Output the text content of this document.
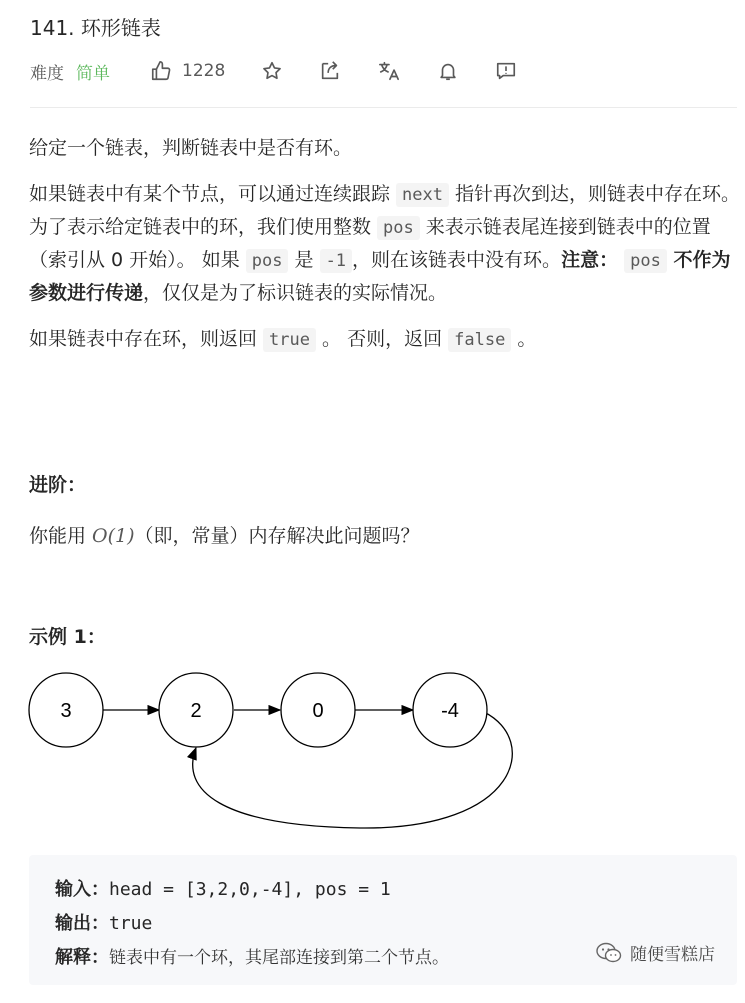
141. 环形链表
难度 简单	1228

给定一个链表，判断链表中是否有环。

如果链表中有某个节点，可以通过连续跟踪 next 指针再次到达，则链表中存在环。 为了表示给定链表中的环，我们使用整数 pos 来表示链表尾连接到链表中的位置（索引从 0 开始）。 如果 pos 是 -1 ，则在该链表中没有环。注意： pos 不作为参数进行传递，仅仅是为了标识链表的实际情况。

如果链表中存在环，则返回 true 。 否则，返回 false 。

进阶：

你能用 O(1)（即，常量）内存解决此问题吗？

示例 1：
3	2	0	-4
输入：head = [3,2,0,-4], pos = 1
输出：true
解释：链表中有一个环，其尾部连接到第二个节点。	随便雪糕店
